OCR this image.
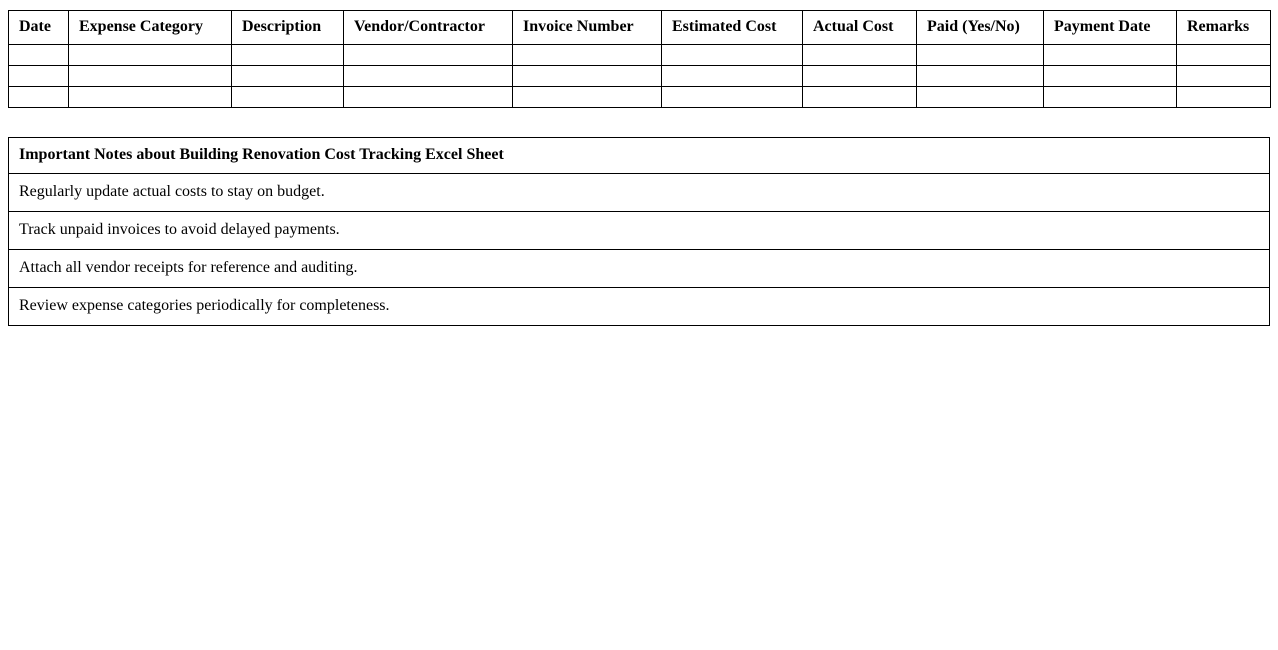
Date	Expense Category	Description	Vendor/Contractor	Invoice Number	Estimated Cost	Actual Cost	Paid (Yes/No)	Payment Date	Remarks

Important Notes about Building Renovation Cost Tracking Excel Sheet
Regularly update actual costs to stay on budget.
Track unpaid invoices to avoid delayed payments.
Attach all vendor receipts for reference and auditing.
Review expense categories periodically for completeness.
